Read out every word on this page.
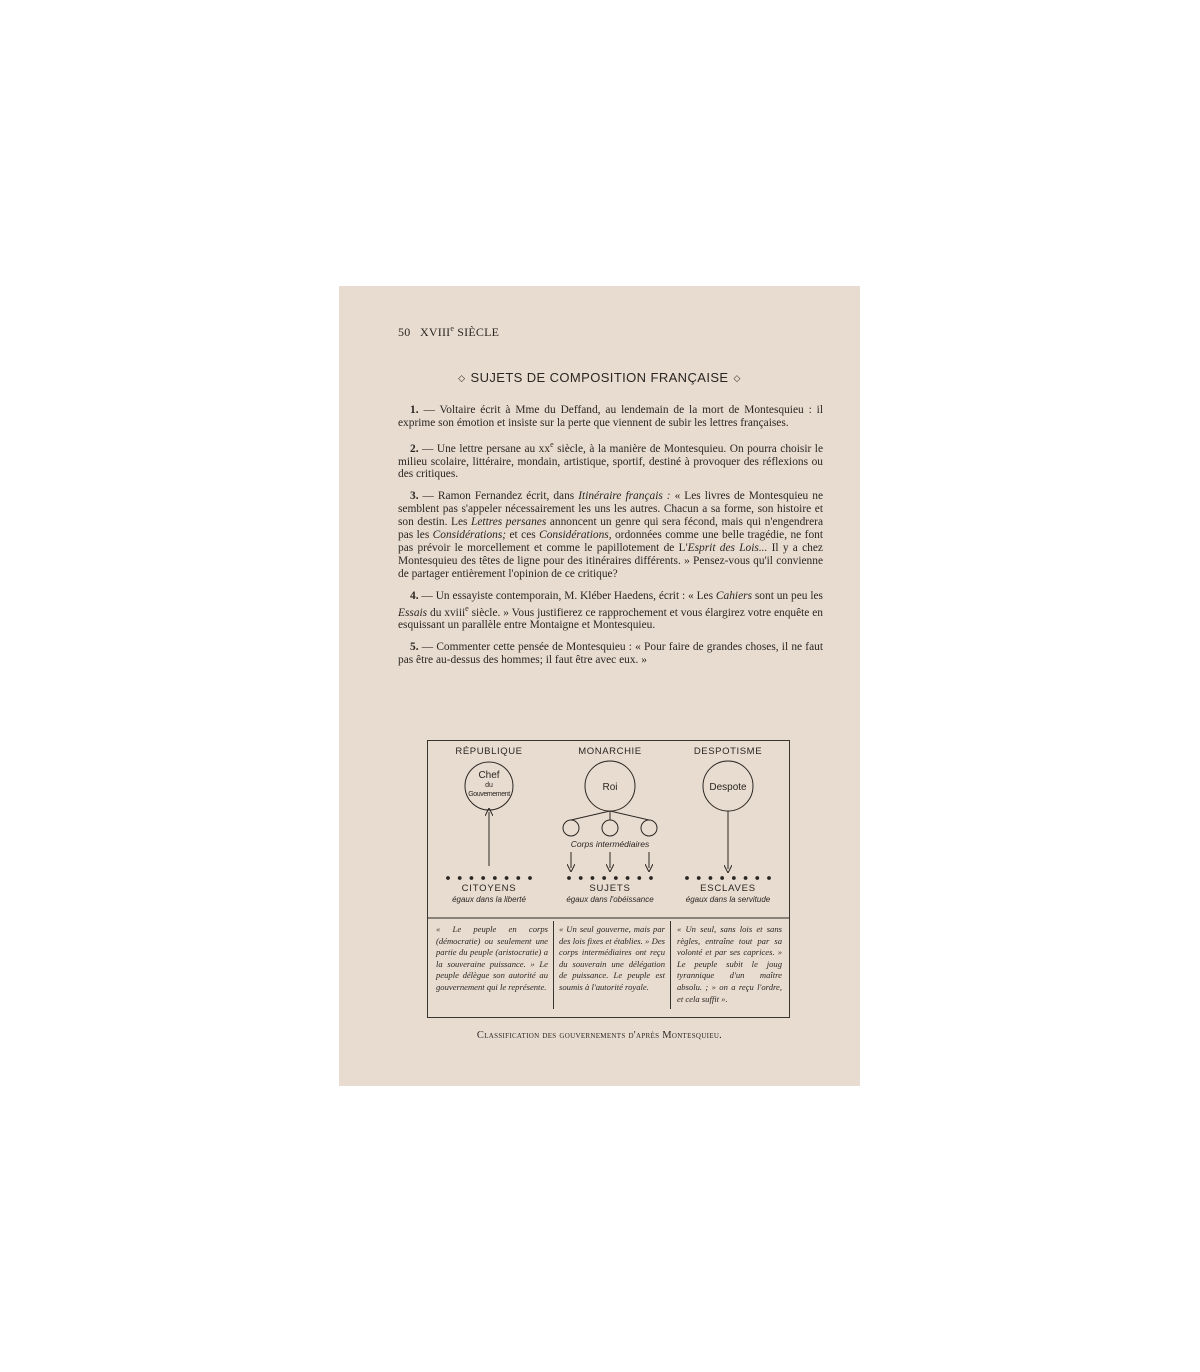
50 XVIIIe SIÈCLE
◇ SUJETS DE COMPOSITION FRANÇAISE ◇

1. — Voltaire écrit à Mme du Deffand, au lendemain de la mort de Montesquieu : il exprime son émotion et insiste sur la perte que viennent de subir les lettres françaises.

2. — Une lettre persane au $xx^e$ siècle, à la manière de Montesquieu. On pourra choisir le milieu scolaire, littéraire, mondain, artistique, sportif, destiné à provoquer des réflexions ou des critiques.

3. — Ramon Fernandez écrit, dans Itinéraire français : « Les livres de Montesquieu ne semblent pas s'appeler nécessairement les uns les autres. Chacun a sa forme, son histoire et son destin. Les Lettres persanes annoncent un genre qui sera fécond, mais qui n'engendrera pas les Considérations; et ces Considérations, ordonnées comme une belle tragédie, ne font pas prévoir le morcellement et comme le papillotement de L'Esprit des Lois... Il y a chez Montesquieu des têtes de ligne pour des itinéraires différents. » Pensez-vous qu'il convienne de partager entièrement l'opinion de ce critique?

4. — Un essayiste contemporain, M. Kléber Haedens, écrit : « Les Cahiers sont un peu les Essais du xviii$^e$ siècle. » Vous justifierez ce rapprochement et vous élargirez votre enquête en esquissant un parallèle entre Montaigne et Montesquieu.

5. — Commenter cette pensée de Montesquieu : « Pour faire de grandes choses, il ne faut pas être au-dessus des hommes; il faut être avec eux. »

RÉPUBLIQUE
Chef
du
Gouvernement
CITOYENS
égaux dans la liberté
MONARCHIE
Roi
SUJETS
égaux dans l'obéissance
Corps intermédiaires
DESPOTISME
Despote
ESCLAVES
égaux dans la servitude
« Le peuple en corps (démocratie) ou seulement une partie du peuple (aristocratie) a la souveraine puissance. » Le peuple délègue son autorité au gouvernement qui le représente.
« Un seul gouverne, mais par des lois fixes et établies. » Des corps intermédiaires ont reçu du souverain une délégation de puissance. Le peuple est soumis à l'autorité royale.
« Un seul, sans lois et sans règles, entraîne tout par sa volonté et par ses caprices. » Le peuple subit le joug tyrannique d'un maître absolu. ; » on a reçu l'ordre, et cela suffit ».
Classification des gouvernements d'après Montesquieu.
